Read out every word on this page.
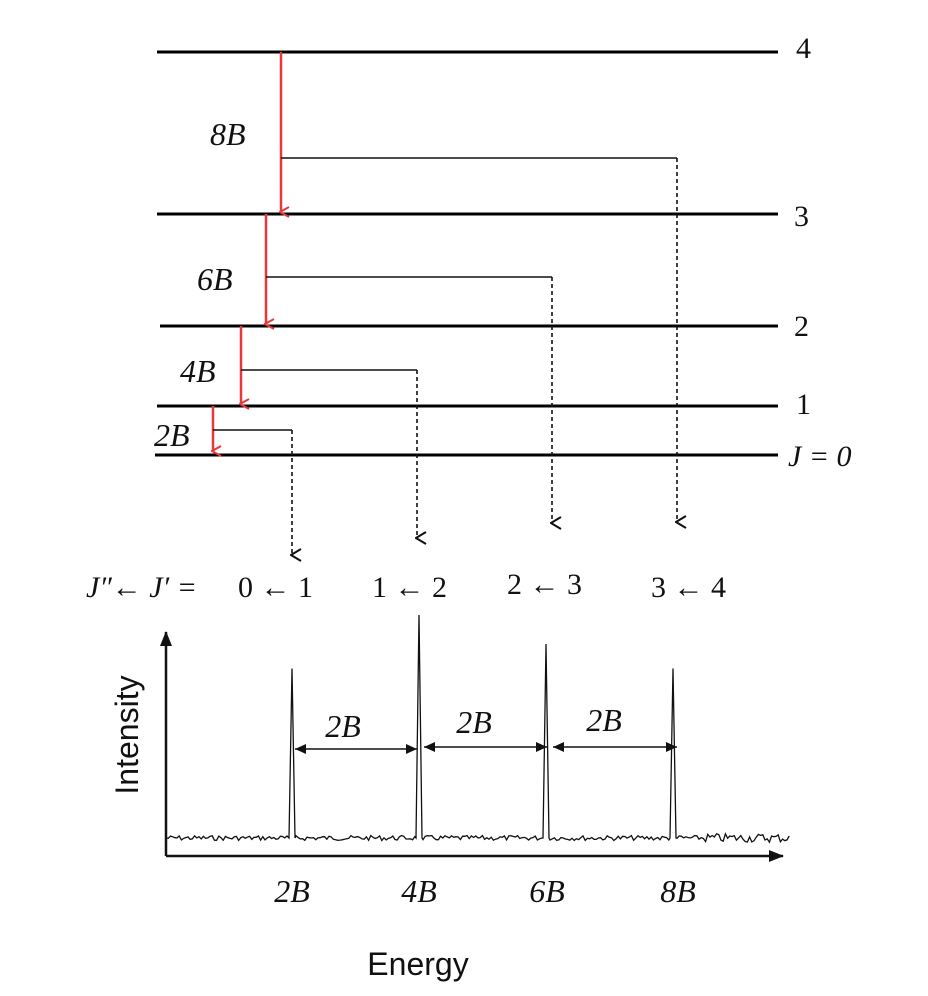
4
3
2
1
J = 0
8B
6B
4B
2B
J″← J′ = 0 ← 1 1 ← 2 2 ← 3 3 ← 4
Intensity
Energy
2B	4B	6B	8B
2B	2B	2B
